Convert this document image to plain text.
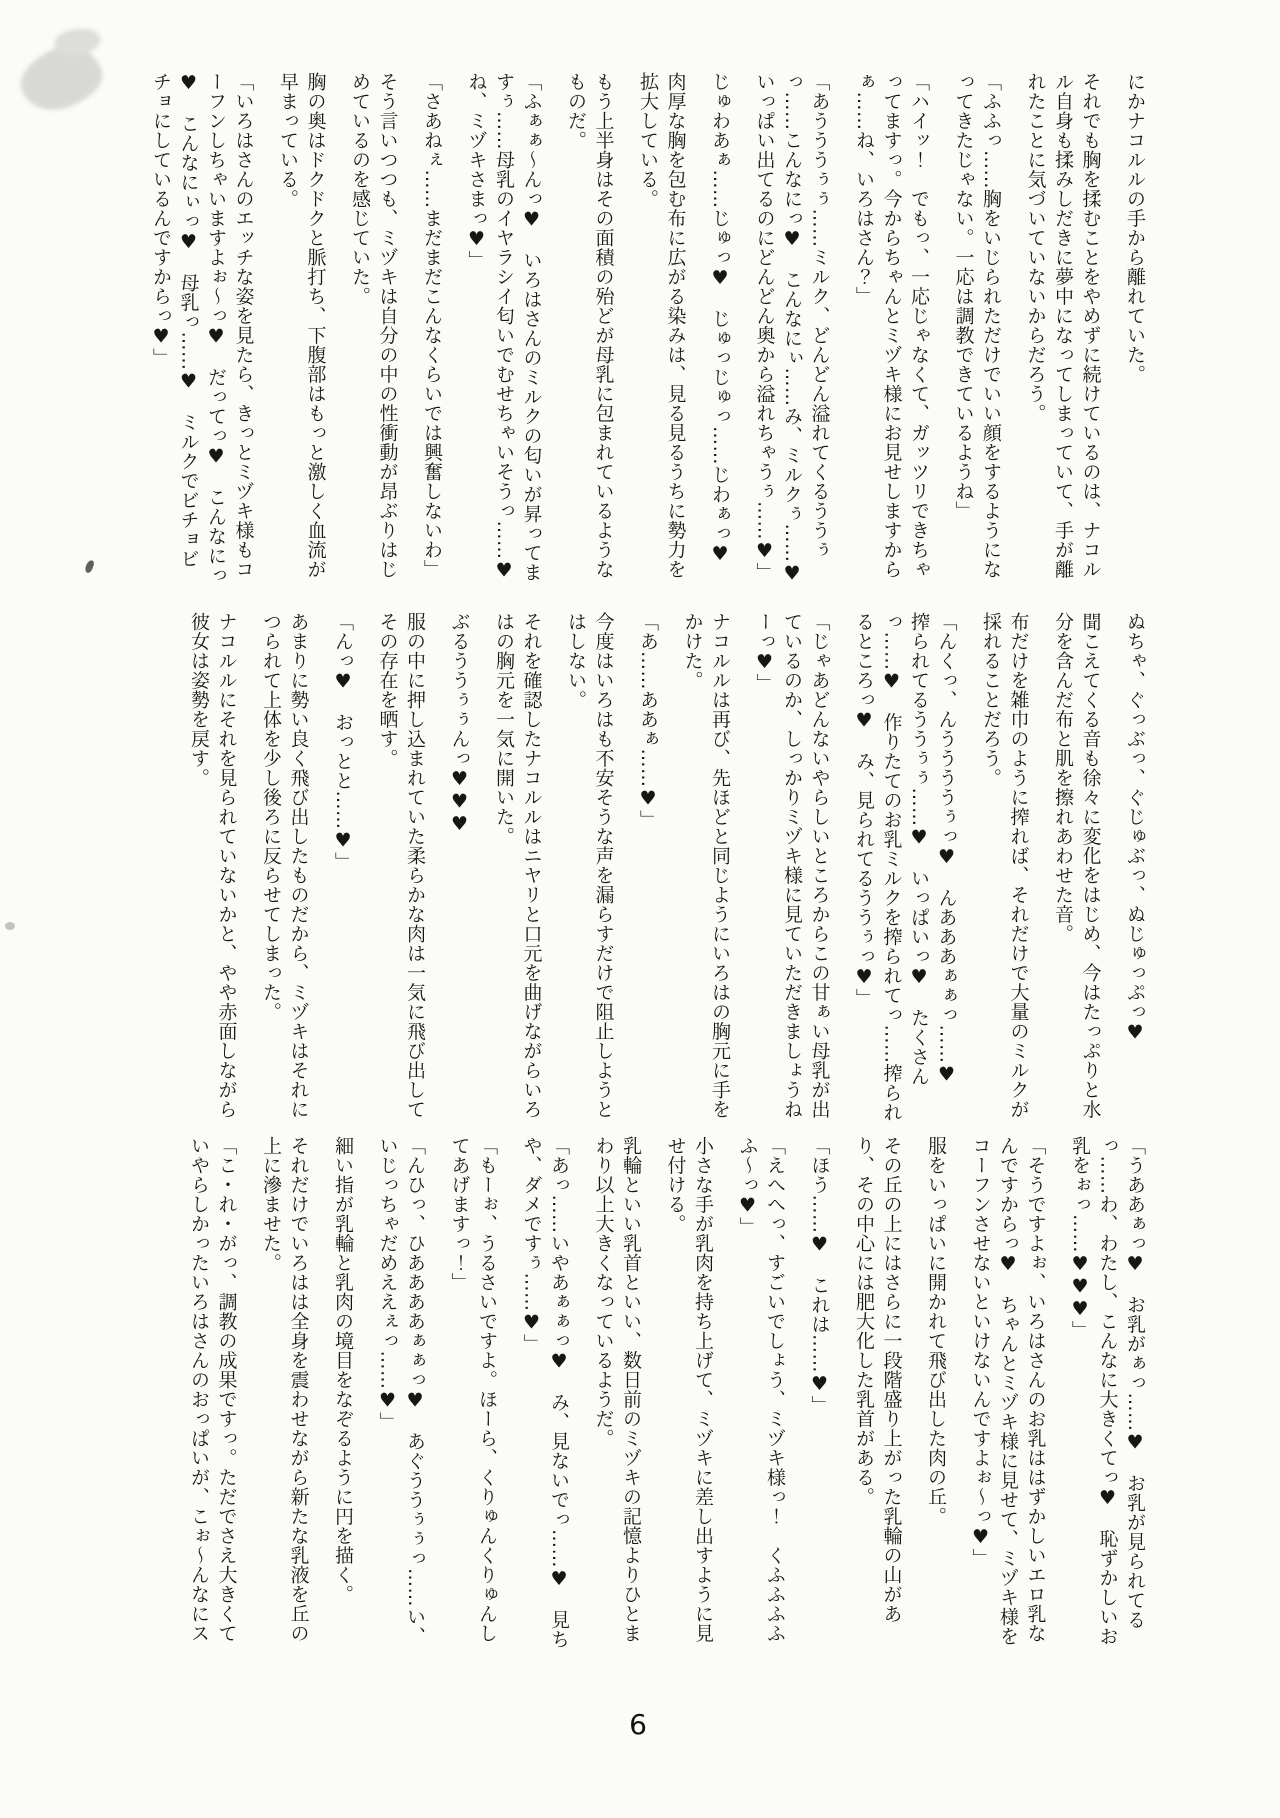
にかナコルルの手から離れていた。

それでも胸を揉むことをやめずに続けているのは、ナコルル自身も揉みしだきに夢中になってしまっていて、手が離れたことに気づいていないからだろう。

「ふふっ……胸をいじられただけでいい顔をするようになってきたじゃない。一応は調教できているようね」

「ハイッ！　でもっ、一応じゃなくて、ガッツリできちゃってますっ。今からちゃんとミヅキ様にお見せしますからぁ……ね、いろはさん？」

「あうううぅぅ……ミルク、どんどん溢れてくるううぅっ……こんなにっ♥　こんなにぃ……み、ミルクぅ……♥　いっぱい出てるのにどんどん奥から溢れちゃうぅ……♥」

じゅわあぁ……じゅっ♥　じゅっじゅっ……じわぁっ♥

肉厚な胸を包む布に広がる染みは、見る見るうちに勢力を拡大している。

もう上半身はその面積の殆どが母乳に包まれているようなものだ。

「ふぁぁ～んっ♥　いろはさんのミルクの匂いが昇ってますぅ……母乳のイヤラシイ匂いでむせちゃいそうっ……♥　ね、ミヅキさまっ♥」

「さあねぇ……まだまだこんなくらいでは興奮しないわ」

そう言いつつも、ミヅキは自分の中の性衝動が昂ぶりはじめているのを感じていた。

胸の奥はドクドクと脈打ち、下腹部はもっと激しく血流が早まっている。

「いろはさんのエッチな姿を見たら、きっとミヅキ様もコーフンしちゃいますよぉ～っ♥　だってっ♥　こんなにっ♥　こんなにぃっ♥　母乳っ……♥　ミルクでビチョビチョにしているんですからっ♥」

ぬちゃ、ぐっぶっ、ぐじゅぶっ、ぬじゅっぷっ♥

聞こえてくる音も徐々に変化をはじめ、今はたっぷりと水分を含んだ布と肌を擦れあわせた音。

布だけを雑巾のように搾れば、それだけで大量のミルクが採れることだろう。

「んくっ、んううううぅっ♥　んあああぁぁっ……♥　搾られてるううぅぅ……♥　いっぱいっ♥　たくさんっ……♥　作りたてのお乳ミルクを搾られてっ……搾られるところっ♥　み、見られてるううぅっ♥」

「じゃあどんないやらしいところからこの甘ぁい母乳が出ているのか、しっかりミヅキ様に見ていただきましょうねーっ♥」

ナコルルは再び、先ほどと同じようにいろはの胸元に手をかけた。

「あ……ああぁ……♥」

今度はいろはも不安そうな声を漏らすだけで阻止しようとはしない。

それを確認したナコルルはニヤリと口元を曲げながらいろはの胸元を一気に開いた。

ぶるううぅぅんっ♥♥♥

服の中に押し込まれていた柔らかな肉は一気に飛び出してその存在を晒す。

「んっ♥　おっとと……♥」

あまりに勢い良く飛び出したものだから、ミヅキはそれにつられて上体を少し後ろに反らせてしまった。

ナコルルにそれを見られていないかと、やや赤面しながら彼女は姿勢を戻す。

「うああぁっ♥　お乳がぁっ……♥　お乳が見られてるっ……わ、わたし、こんなに大きくてっ♥　恥ずかしいお乳をぉっ……♥♥♥」

「そうですよぉ、いろはさんのお乳ははずかしいエロ乳なんですからっ♥　ちゃんとミヅキ様に見せて、ミヅキ様をコーフンさせないといけないんですよぉ～っ♥」

服をいっぱいに開かれて飛び出した肉の丘。

その丘の上にはさらに一段階盛り上がった乳輪の山があり、その中心には肥大化した乳首がある。

「ほう……♥　これは……♥」

「えへへっ、すごいでしょう、ミヅキ様っ！　くふふふふふ～っ♥」

小さな手が乳肉を持ち上げて、ミヅキに差し出すように見せ付ける。

乳輪といい乳首といい、数日前のミヅキの記憶よりひとまわり以上大きくなっているようだ。

「あっ……いやあぁぁっ♥　み、見ないでっ……♥　見ちや、ダメですぅ……♥」

「もーぉ、うるさいですよ。ほーら、くりゅんくりゅんしてあげますっ！」

「んひっ、ひああああぁぁっ♥　あぐううぅぅっ……い、いじっちゃだめええぇっ……♥」

細い指が乳輪と乳肉の境目をなぞるように円を描く。

それだけでいろはは全身を震わせながら新たな乳液を丘の上に滲ませた。

「こ・れ・がっ、調教の成果ですっ。ただでさえ大きくていやらしかったいろはさんのおっぱいが、こぉ～んなにス

6
